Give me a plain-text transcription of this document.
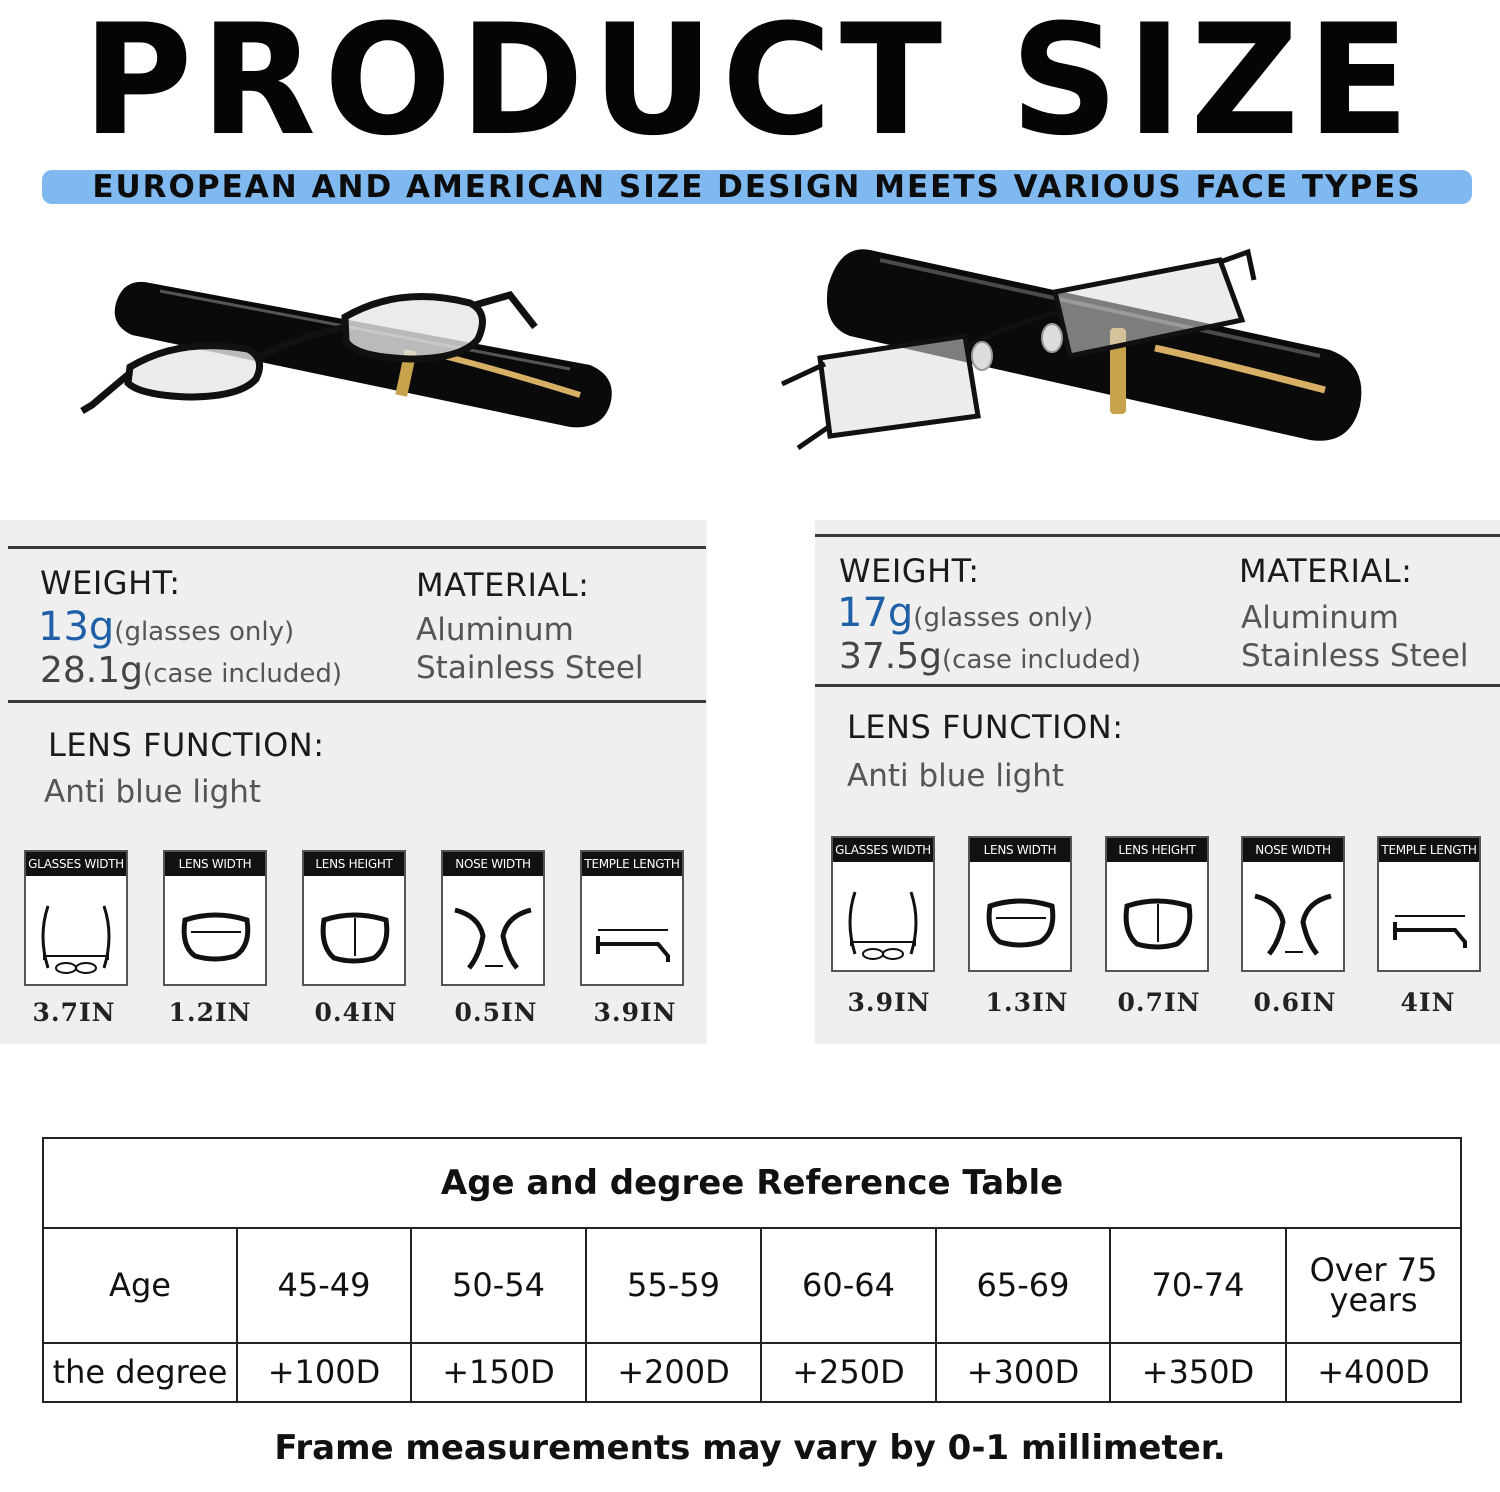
PRODUCT SIZE
EUROPEAN AND AMERICAN SIZE DESIGN MEETS VARIOUS FACE TYPES
WEIGHT:
13g(glasses only)
28.1g(case included)
MATERIAL:
Aluminum
Stainless Steel
LENS FUNCTION:
Anti blue light
GLASSES WIDTH	LENS WIDTH	LENS HEIGHT	NOSE WIDTH	TEMPLE LENGTH
3.7IN	1.2IN	0.4IN	0.5IN	3.9IN
WEIGHT:
17g(glasses only)
37.5g(case included)
MATERIAL:
Aluminum
Stainless Steel
LENS FUNCTION:
Anti blue light
GLASSES WIDTH	LENS WIDTH	LENS HEIGHT	NOSE WIDTH	TEMPLE LENGTH
3.9IN	1.3IN	0.7IN	0.6IN	4IN
Age and degree Reference Table							
Age	45-49	50-54	55-59	60-64	65-69	70-74	Over 75 years
the degree	+100D	+150D	+200D	+250D	+300D	+350D	+400D
Frame measurements may vary by 0-1 millimeter.
